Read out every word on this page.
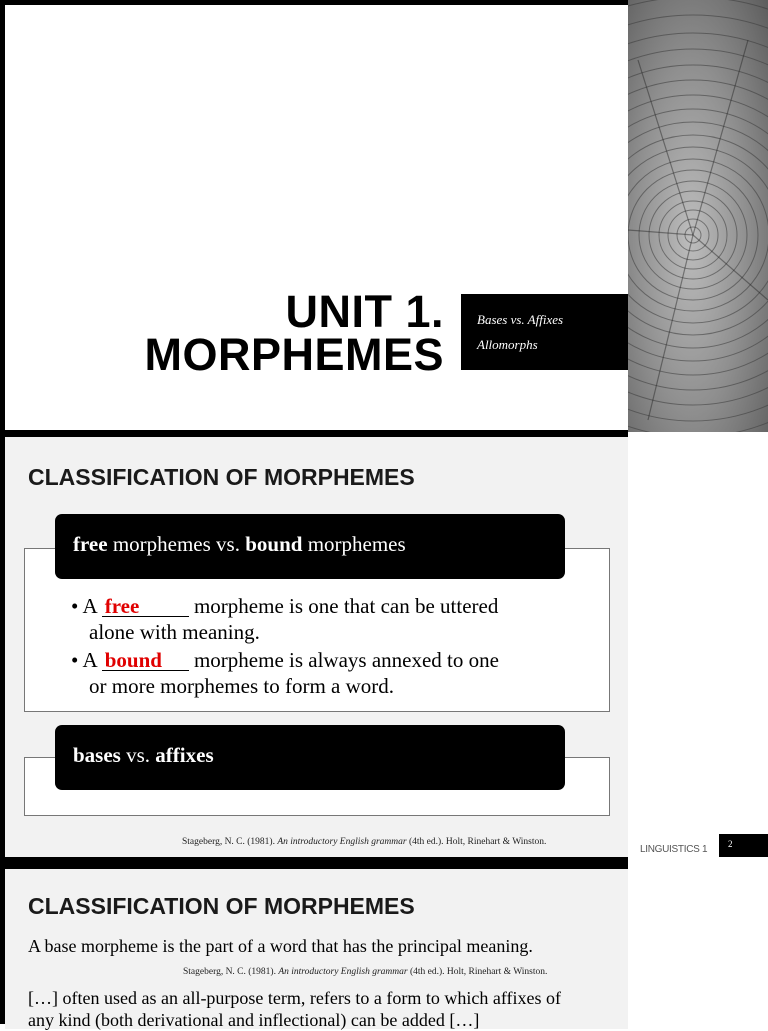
UNIT 1.
MORPHEMES
Bases vs. Affixes
Allomorphs
CLASSIFICATION OF MORPHEMES
free morphemes vs. bound morphemes
• A free morpheme is one that can be uttered
alone with meaning.
• A bound morpheme is always annexed to one
or more morphemes to form a word.
bases vs. affixes
Stageberg, N. C. (1981). An introductory English grammar (4th ed.). Holt, Rinehart & Winston.
LINGUISTICS 1 2
CLASSIFICATION OF MORPHEMES
A base morpheme is the part of a word that has the principal meaning.
Stageberg, N. C. (1981). An introductory English grammar (4th ed.). Holt, Rinehart & Winston.
[…] often used as an all-purpose term, refers to a form to which affixes of
any kind (both derivational and inflectional) can be added […]
